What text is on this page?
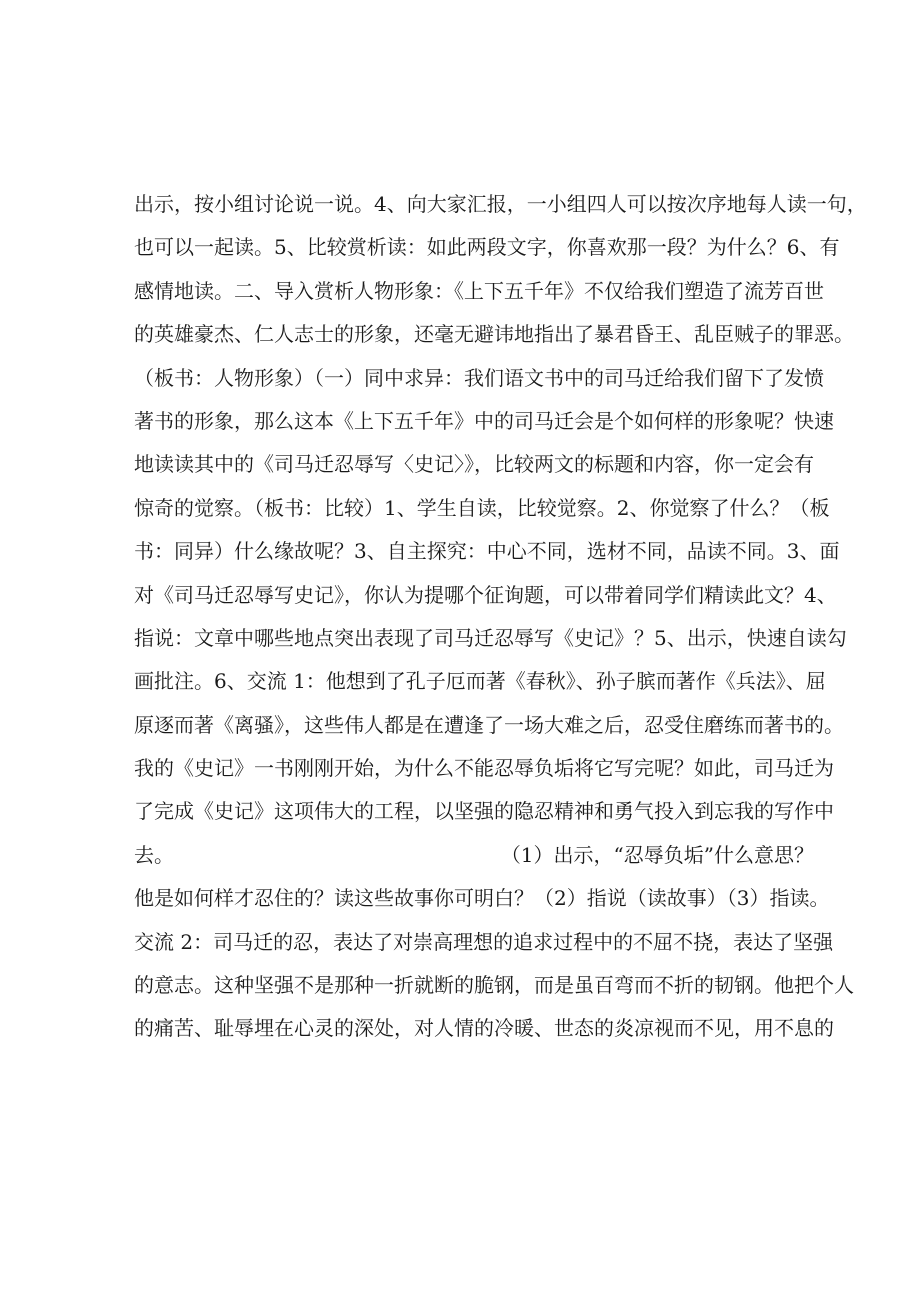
出示，按小组讨论说一说。4、向大家汇报，一小组四人可以按次序地每人读一句，
也可以一起读。5、比较赏析读：如此两段文字，你喜欢那一段？为什么？6、有
感情地读。二、导入赏析人物形象：《上下五千年》不仅给我们塑造了流芳百世
的英雄豪杰、仁人志士的形象，还毫无避讳地指出了暴君昏王、乱臣贼子的罪恶。
（板书：人物形象）（一）同中求异：我们语文书中的司马迁给我们留下了发愤
著书的形象，那么这本《上下五千年》中的司马迁会是个如何样的形象呢？快速
地读读其中的《司马迁忍辱写〈史记〉》，比较两文的标题和内容，你一定会有
惊奇的觉察。（板书：比较）1、学生自读，比较觉察。2、你觉察了什么？（板
书：同异）什么缘故呢？3、自主探究：中心不同，选材不同，品读不同。3、面
对《司马迁忍辱写史记》，你认为提哪个征询题，可以带着同学们精读此文？4、
指说：文章中哪些地点突出表现了司马迁忍辱写《史记》？5、出示，快速自读勾
画批注。6、交流 1：他想到了孔子厄而著《春秋》、孙子膑而著作《兵法》、屈
原逐而著《离骚》，这些伟人都是在遭逢了一场大难之后，忍受住磨练而著书的。
我的《史记》一书刚刚开始，为什么不能忍辱负垢将它写完呢？如此，司马迁为
了完成《史记》这项伟大的工程，以坚强的隐忍精神和勇气投入到忘我的写作中
去。	（1）出示，“忍辱负垢”什么意思？
他是如何样才忍住的？读这些故事你可明白？（2）指说（读故事）（3）指读。
交流 2：司马迁的忍，表达了对崇高理想的追求过程中的不屈不挠，表达了坚强
的意志。这种坚强不是那种一折就断的脆钢，而是虽百弯而不折的韧钢。他把个人
的痛苦、耻辱埋在心灵的深处，对人情的冷暖、世态的炎凉视而不见，用不息的
